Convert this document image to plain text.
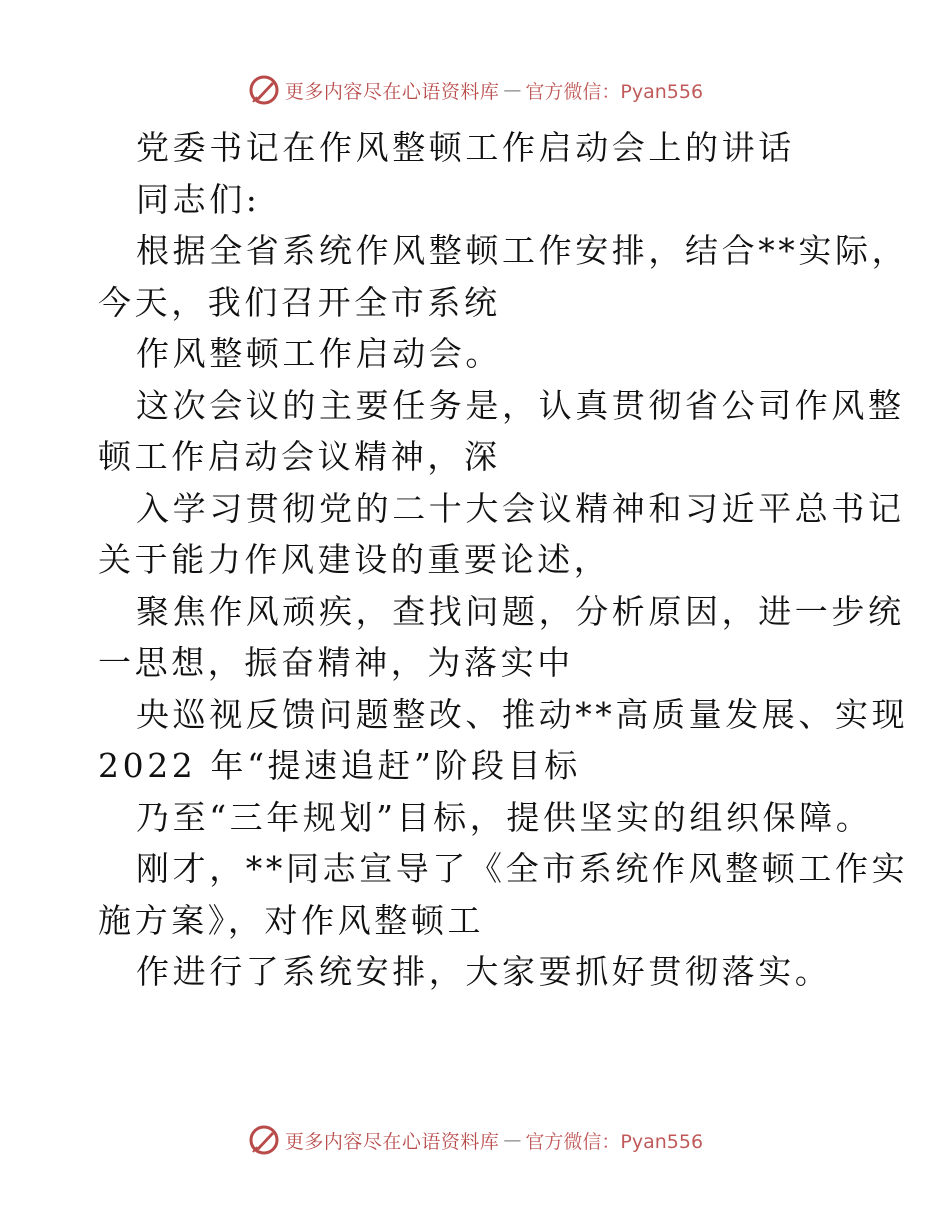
更多内容尽在心语资料库 — 官方微信：Pyan556
党委书记在作风整顿工作启动会上的讲话
同志们:
根据全省系统作风整顿工作安排，结合**实际，
今天，我们召开全市系统
作风整顿工作启动会。
这次会议的主要任务是，认真贯彻省公司作风整
顿工作启动会议精神，深
入学习贯彻党的二十大会议精神和习近平总书记
关于能力作风建设的重要论述，
聚焦作风顽疾，查找问题，分析原因，进一步统
一思想，振奋精神，为落实中
央巡视反馈问题整改、推动**高质量发展、实现
2022 年“提速追赶”阶段目标
乃至“三年规划”目标，提供坚实的组织保障。
刚才，**同志宣导了《全市系统作风整顿工作实
施方案》，对作风整顿工
作进行了系统安排，大家要抓好贯彻落实。
更多内容尽在心语资料库 — 官方微信：Pyan556
